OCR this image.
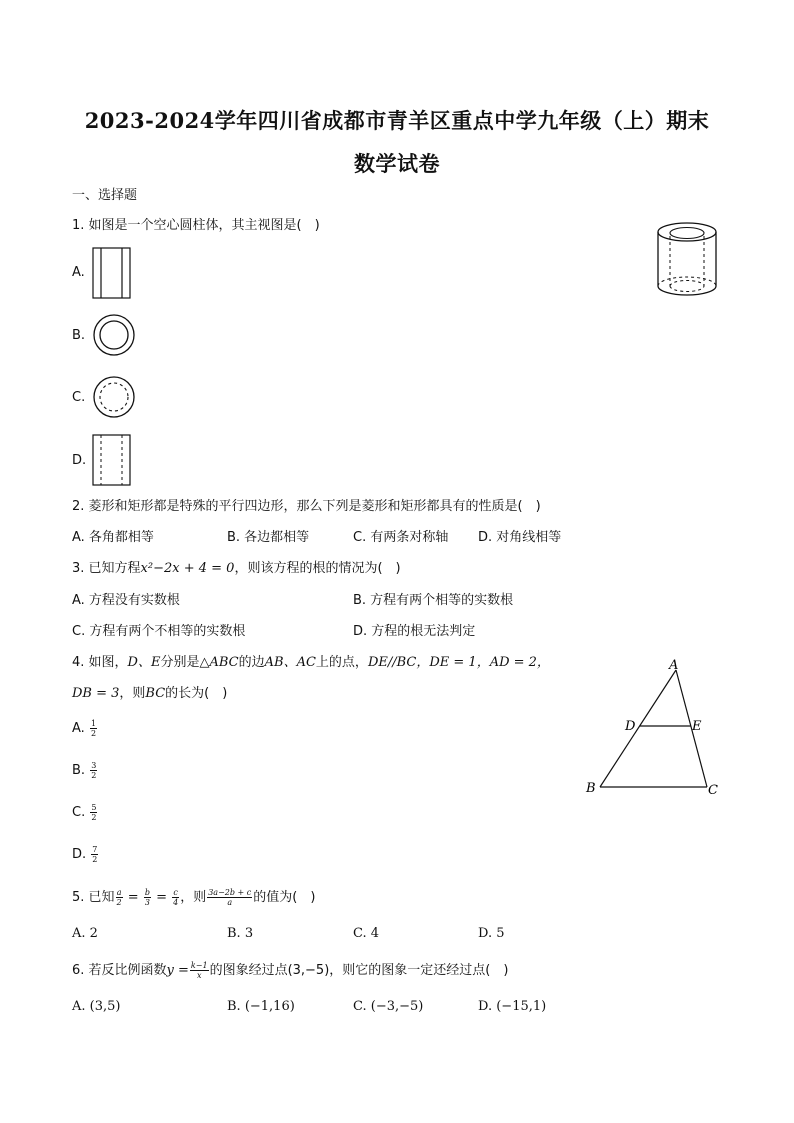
2023-2024学年四川省成都市青羊区重点中学九年级（上）期末
数学试卷
一、选择题
1. 如图是一个空心圆柱体，其主视图是(　)
A.
B.
C.
D.
2. 菱形和矩形都是特殊的平行四边形，那么下列是菱形和矩形都具有的性质是(　)
A. 各角都相等	B. 各边都相等	C. 有两条对称轴 D. 对角线相等
3. 已知方程x²−2x + 4 = 0，则该方程的根的情况为(　)
A. 方程没有实数根	B. 方程有两个相等的实数根
C. 方程有两个不相等的实数根	D. 方程的根无法判定
4. 如图，D、E分别是△ABC的边AB、AC上的点，DE//BC，DE = 1，AD = 2，
DB = 3，则BC的长为(　)
A. $\frac{1}{2}$
B. $\frac{3}{2}$
C. $\frac{5}{2}$
D. $\frac{7}{2}$
A
D	E
B	C
5. 已知 $\frac{a}{2} = \frac{b}{3} = \frac{c}{4}$ ，则 $\frac{3a-2b + c}{a}$ 的值为(　)
A. 2	B. 3	C. 4	D. 5
6. 若反比例函数$y = \frac{k-1}{x}$ 的图象经过点(3,−5)，则它的图象一定还经过点(　)
A. (3,5)	B. (−1,16)	C. (−3,−5)	D. (−15,1)
